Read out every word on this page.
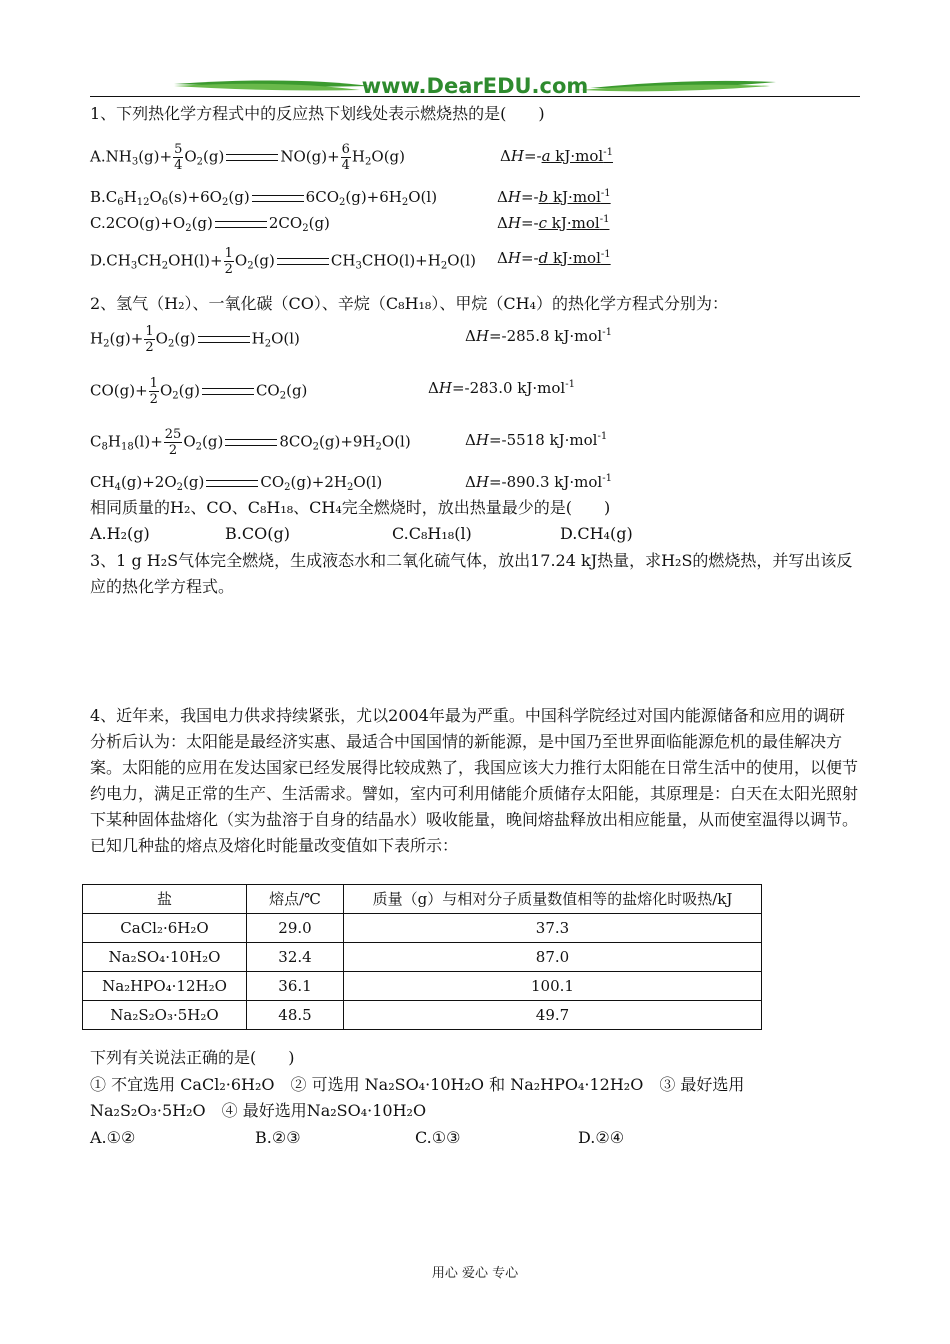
www.DearEDU.com
1、下列热化学方程式中的反应热下划线处表示燃烧热的是(　　)
$A.NH_3(g)+ \frac{5}{4} O_2(g)$	$NO(g)+ \frac{6}{4} H_2O(g)$	ΔH=-a kJ·mol$^{-1}$
$B.C_6H_{12}O_6(s)+6O_2(g)$	$6CO_2(g)+6H_2O(l)$	ΔH=-b kJ·mol$^{-1}$
$C.2CO(g)+O_2(g)$	$2CO_2(g)$	ΔH=-c kJ·mol$^{-1}$
$D.CH_3CH_2OH(l)+ \frac{1}{2} O_2(g)$	$CH_3CHO(l)+H_2O(l)$ ΔH=-d kJ·mol$^{-1}$
2、氢气（H₂）、一氧化碳（CO）、辛烷（C₈H₁₈）、甲烷（CH₄）的热化学方程式分别为：
$H_2(g)+ \frac{1}{2} O_2(g)$	$H_2O(l)$	ΔH=-285.8 kJ·mol$^{-1}$
$CO(g)+ \frac{1}{2} O_2(g)$	$CO_2(g)$	ΔH=-283.0 kJ·mol$^{-1}$
$C_8H_{18}(l)+ \frac{25}{2} O_2(g)$	$8CO_2(g)+9H_2O(l)$	ΔH=-5518 kJ·mol$^{-1}$
$CH_4(g)+2O_2(g)$	$CO_2(g)+2H_2O(l)$	ΔH=-890.3 kJ·mol$^{-1}$
相同质量的H₂、CO、C₈H₁₈、CH₄完全燃烧时，放出热量最少的是(　　)
A.H₂(g)	B.CO(g)	C.C₈H₁₈(l)	D.CH₄(g)
3、1 g H₂S气体完全燃烧，生成液态水和二氧化硫气体，放出17.24 kJ热量，求H₂S的燃烧热，并写出该反应的热化学方程式。
4、近年来，我国电力供求持续紧张，尤以2004年最为严重。中国科学院经过对国内能源储备和应用的调研分析后认为：太阳能是最经济实惠、最适合中国国情的新能源，是中国乃至世界面临能源危机的最佳解决方案。太阳能的应用在发达国家已经发展得比较成熟了，我国应该大力推行太阳能在日常生活中的使用，以便节约电力，满足正常的生产、生活需求。譬如，室内可利用储能介质储存太阳能，其原理是：白天在太阳光照射下某种固体盐熔化（实为盐溶于自身的结晶水）吸收能量，晚间熔盐释放出相应能量，从而使室温得以调节。已知几种盐的熔点及熔化时能量改变值如下表所示：
盐	熔点/℃	质量（g）与相对分子质量数值相等的盐熔化时吸热/kJ
CaCl₂·6H₂O	29.0	37.3
Na₂SO₄·10H₂O	32.4	87.0
Na₂HPO₄·12H₂O	36.1	100.1
Na₂S₂O₃·5H₂O	48.5	49.7
下列有关说法正确的是(　　)
① 不宜选用 CaCl₂·6H₂O　② 可选用 Na₂SO₄·10H₂O 和 Na₂HPO₄·12H₂O　③ 最好选用 Na₂S₂O₃·5H₂O　④ 最好选用Na₂SO₄·10H₂O
A.①②	B.②③	C.①③	D.②④
用心 爱心 专心
